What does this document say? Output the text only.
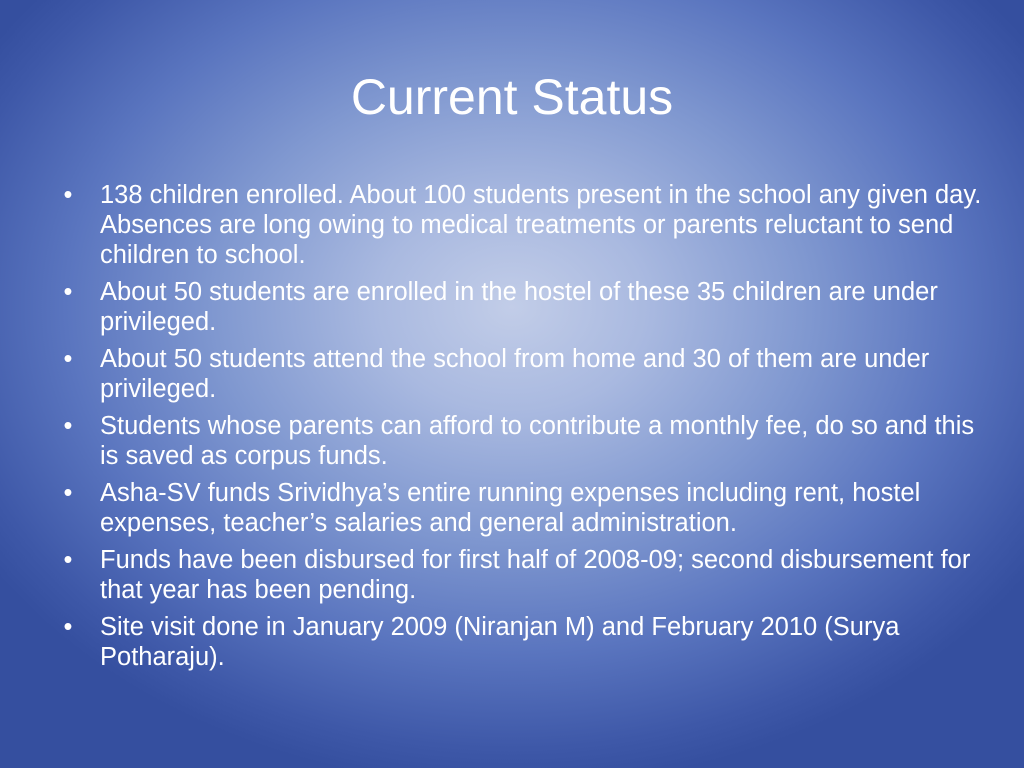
Current Status
• 138 children enrolled. About 100 students present in the school any given day. Absences are long owing to medical treatments or parents reluctant to send children to school.
• About 50 students are enrolled in the hostel of these 35 children are under privileged.
• About 50 students attend the school from home and 30 of them are under privileged.
• Students whose parents can afford to contribute a monthly fee, do so and this is saved as corpus funds.
• Asha-SV funds Srividhya’s entire running expenses including rent, hostel expenses, teacher’s salaries and general administration.
• Funds have been disbursed for first half of 2008-09; second disbursement for that year has been pending.
• Site visit done in January 2009 (Niranjan M) and February 2010 (Surya Potharaju).
